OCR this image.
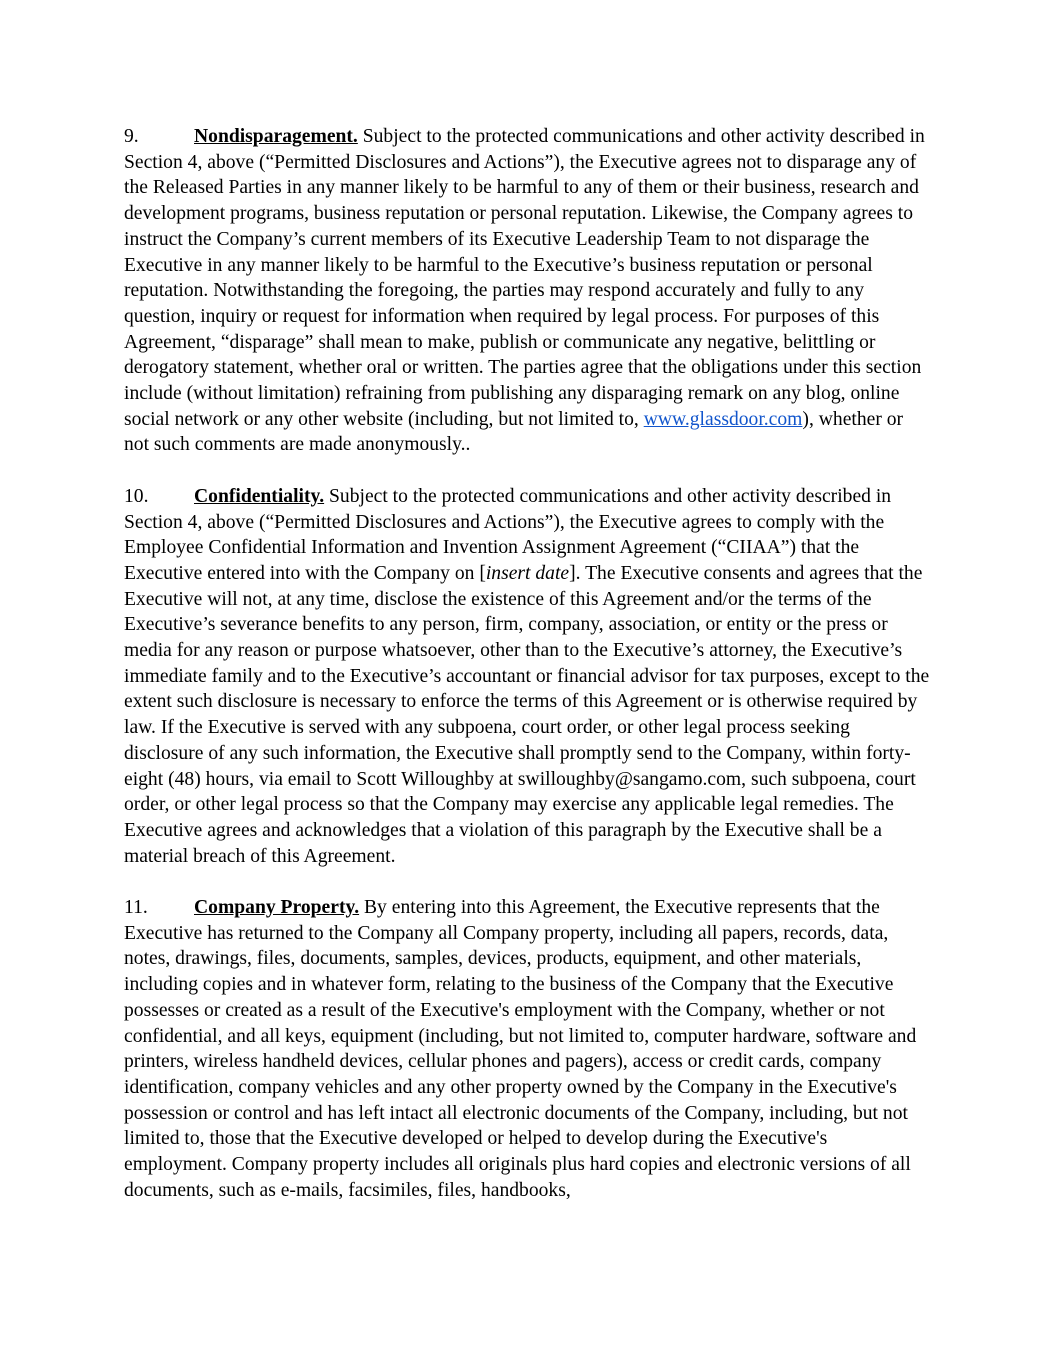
9.	Nondisparagement. Subject to the protected communications and other activity described in Section 4, above (“Permitted Disclosures and Actions”), the Executive agrees not to disparage any of the Released Parties in any manner likely to be harmful to any of them or their business, research and development programs, business reputation or personal reputation. Likewise, the Company agrees to instruct the Company’s current members of its Executive Leadership Team to not disparage the Executive in any manner likely to be harmful to the Executive’s business reputation or personal reputation. Notwithstanding the foregoing, the parties may respond accurately and fully to any question, inquiry or request for information when required by legal process. For purposes of this Agreement, “disparage” shall mean to make, publish or communicate any negative, belittling or derogatory statement, whether oral or written. The parties agree that the obligations under this section include (without limitation) refraining from publishing any disparaging remark on any blog, online social network or any other website (including, but not limited to, www.glassdoor.com), whether or not such comments are made anonymously..

10. Confidentiality. Subject to the protected communications and other activity described in Section 4, above (“Permitted Disclosures and Actions”), the Executive agrees to comply with the Employee Confidential Information and Invention Assignment Agreement (“CIIAA”) that the Executive entered into with the Company on [insert date]. The Executive consents and agrees that the Executive will not, at any time, disclose the existence of this Agreement and/or the terms of the Executive’s severance benefits to any person, firm, company, association, or entity or the press or media for any reason or purpose whatsoever, other than to the Executive’s attorney, the Executive’s immediate family and to the Executive’s accountant or financial advisor for tax purposes, except to the extent such disclosure is necessary to enforce the terms of this Agreement or is otherwise required by law. If the Executive is served with any subpoena, court order, or other legal process seeking disclosure of any such information, the Executive shall promptly send to the Company, within forty-eight (48) hours, via email to Scott Willoughby at swilloughby@sangamo.com, such subpoena, court order, or other legal process so that the Company may exercise any applicable legal remedies. The Executive agrees and acknowledges that a violation of this paragraph by the Executive shall be a material breach of this Agreement.

11. Company Property. By entering into this Agreement, the Executive represents that the Executive has returned to the Company all Company property, including all papers, records, data, notes, drawings, files, documents, samples, devices, products, equipment, and other materials, including copies and in whatever form, relating to the business of the Company that the Executive possesses or created as a result of the Executive's employment with the Company, whether or not confidential, and all keys, equipment (including, but not limited to, computer hardware, software and printers, wireless handheld devices, cellular phones and pagers), access or credit cards, company identification, company vehicles and any other property owned by the Company in the Executive's possession or control and has left intact all electronic documents of the Company, including, but not limited to, those that the Executive developed or helped to develop during the Executive's employment. Company property includes all originals plus hard copies and electronic versions of all documents, such as e-mails, facsimiles, files, handbooks,
